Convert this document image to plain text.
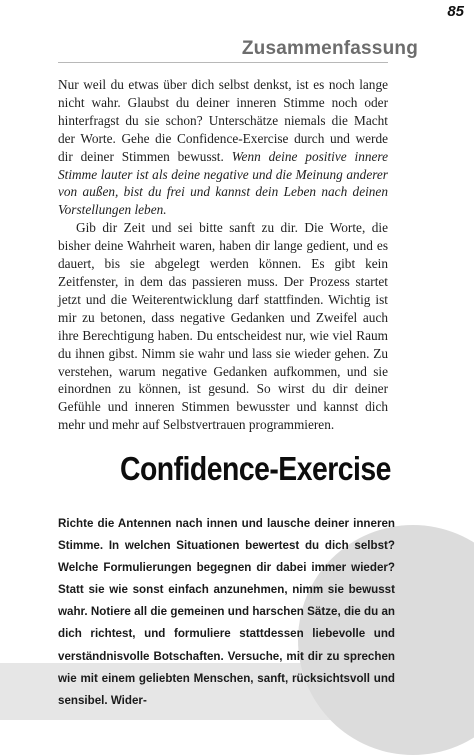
85
Zusammenfassung

Nur weil du etwas über dich selbst denkst, ist es noch lange nicht wahr. Glaubst du deiner inneren Stimme noch oder hinterfragst du sie schon? Unterschätze niemals die Macht der Worte. Gehe die Confidence-Exercise durch und werde dir deiner Stimmen bewusst. Wenn deine positive innere Stimme lauter ist als deine negative und die Meinung anderer von außen, bist du frei und kannst dein Leben nach deinen Vorstellungen leben.

Gib dir Zeit und sei bitte sanft zu dir. Die Worte, die bisher deine Wahrheit waren, haben dir lange gedient, und es dauert, bis sie abgelegt werden können. Es gibt kein Zeitfenster, in dem das passieren muss. Der Prozess startet jetzt und die Weiterentwicklung darf stattfinden. Wichtig ist mir zu betonen, dass negative Gedanken und Zweifel auch ihre Berechtigung haben. Du entscheidest nur, wie viel Raum du ihnen gibst. Nimm sie wahr und lass sie wieder gehen. Zu verstehen, warum negative Gedanken aufkommen, und sie einordnen zu können, ist gesund. So wirst du dir deiner Gefühle und inneren Stimmen bewusster und kannst dich mehr und mehr auf Selbstvertrauen programmieren.

Confidence-Exercise

Richte die Antennen nach innen und lausche deiner inneren Stimme. In welchen Situationen bewertest du dich selbst? Welche Formulierungen begegnen dir dabei immer wieder? Statt sie wie sonst einfach anzunehmen, nimm sie bewusst wahr. Notiere all die gemeinen und harschen Sätze, die du an dich richtest, und formuliere stattdessen liebevolle und verständnisvolle Botschaften. Versuche, mit dir zu sprechen wie mit einem geliebten Menschen, sanft, rücksichtsvoll und sensibel. Wider-
